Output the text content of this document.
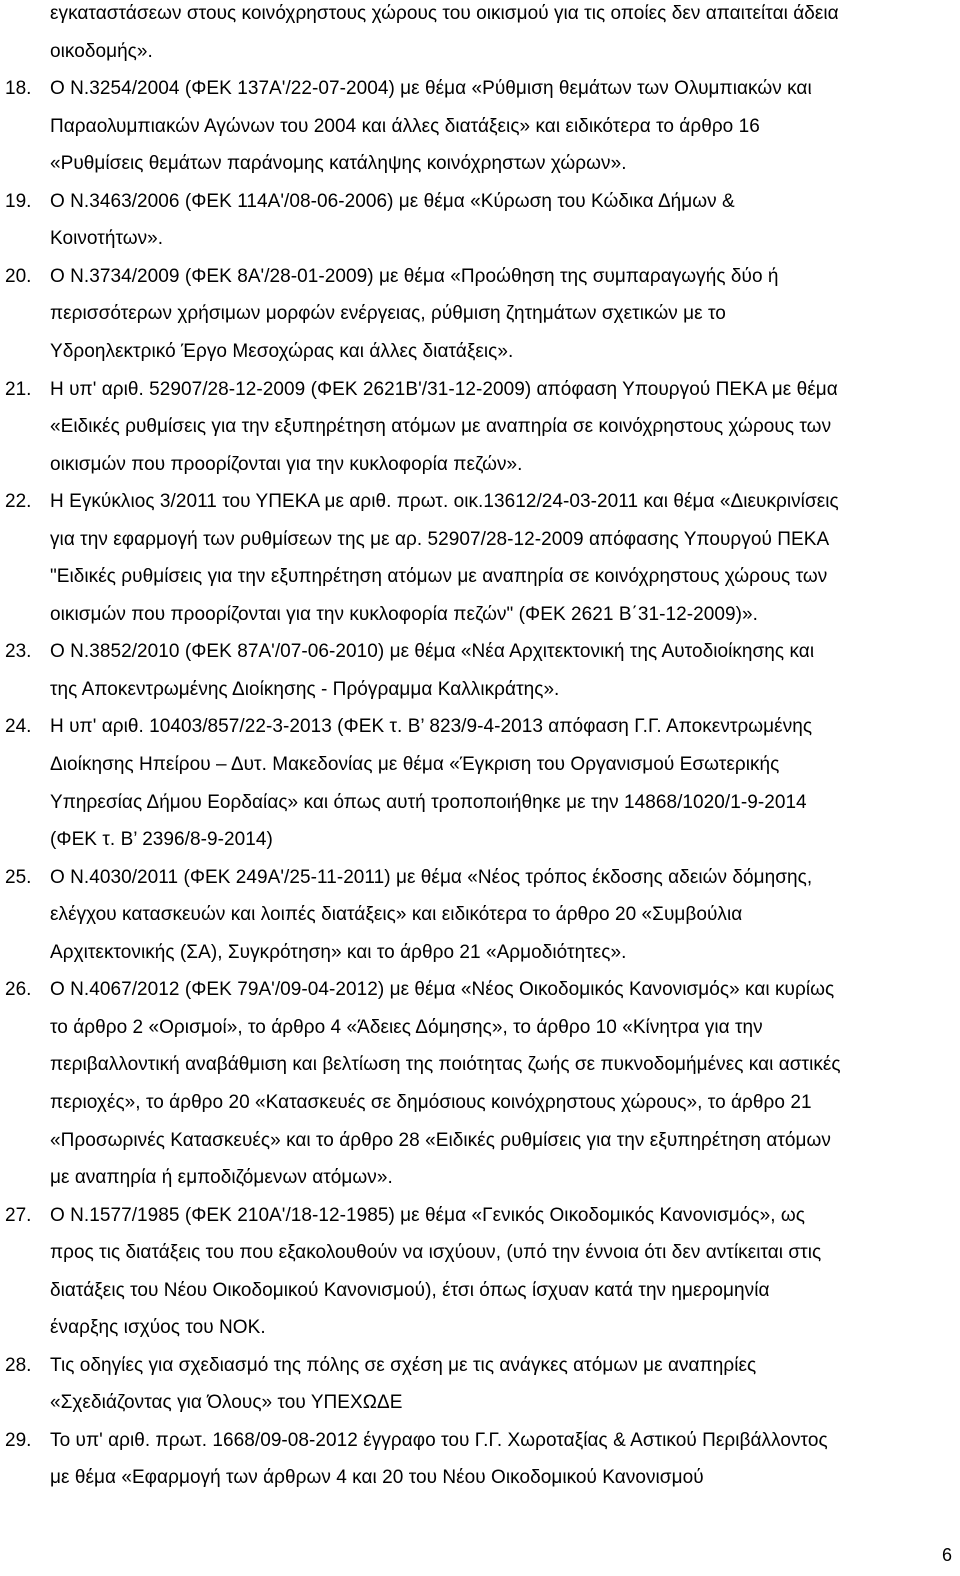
εγκαταστάσεων στους κοινόχρηστους χώρους του οικισμού για τις οποίες δεν απαιτείται άδεια
οικοδομής».
18. Ο Ν.3254/2004 (ΦΕΚ 137Α'/22-07-2004) με θέμα «Ρύθμιση θεμάτων των Ολυμπιακών και
Παραολυμπιακών Αγώνων του 2004 και άλλες διατάξεις» και ειδικότερα το άρθρο 16
«Ρυθμίσεις θεμάτων παράνομης κατάληψης κοινόχρηστων χώρων».
19. Ο Ν.3463/2006 (ΦΕΚ 114Α'/08-06-2006) με θέμα «Κύρωση του Κώδικα Δήμων &
Κοινοτήτων».
20. Ο Ν.3734/2009 (ΦΕΚ 8Α'/28-01-2009) με θέμα «Προώθηση της συμπαραγωγής δύο ή
περισσότερων χρήσιμων μορφών ενέργειας, ρύθμιση ζητημάτων σχετικών με το
Υδροηλεκτρικό Έργο Μεσοχώρας και άλλες διατάξεις».
21. Η υπ' αριθ. 52907/28-12-2009 (ΦΕΚ 2621Β'/31-12-2009) απόφαση Υπουργού ΠΕΚΑ με θέμα
«Ειδικές ρυθμίσεις για την εξυπηρέτηση ατόμων με αναπηρία σε κοινόχρηστους χώρους των
οικισμών που προορίζονται για την κυκλοφορία πεζών».
22. Η Εγκύκλιος 3/2011 του ΥΠΕΚΑ με αριθ. πρωτ. οικ.13612/24-03-2011 και θέμα «Διευκρινίσεις
για την εφαρμογή των ρυθμίσεων της με αρ. 52907/28-12-2009 απόφασης Υπουργού ΠΕΚΑ
"Ειδικές ρυθμίσεις για την εξυπηρέτηση ατόμων με αναπηρία σε κοινόχρηστους χώρους των
οικισμών που προορίζονται για την κυκλοφορία πεζών" (ΦΕΚ 2621 Β΄31-12-2009)».
23. Ο Ν.3852/2010 (ΦΕΚ 87Α'/07-06-2010) με θέμα «Νέα Αρχιτεκτονική της Αυτοδιοίκησης και
της Αποκεντρωμένης Διοίκησης - Πρόγραμμα Καλλικράτης».
24. Η υπ' αριθ. 10403/857/22-3-2013 (ΦΕΚ τ. Β’ 823/9-4-2013 απόφαση Γ.Γ. Αποκεντρωμένης
Διοίκησης Ηπείρου – Δυτ. Μακεδονίας με θέμα «Έγκριση του Οργανισμού Εσωτερικής
Υπηρεσίας Δήμου Εορδαίας» και όπως αυτή τροποποιήθηκε με την 14868/1020/1-9-2014
(ΦΕΚ τ. Β’ 2396/8-9-2014)
25. Ο Ν.4030/2011 (ΦΕΚ 249Α'/25-11-2011) με θέμα «Νέος τρόπος έκδοσης αδειών δόμησης,
ελέγχου κατασκευών και λοιπές διατάξεις» και ειδικότερα το άρθρο 20 «Συμβούλια
Αρχιτεκτονικής (ΣΑ), Συγκρότηση» και το άρθρο 21 «Αρμοδιότητες».
26. Ο Ν.4067/2012 (ΦΕΚ 79Α'/09-04-2012) με θέμα «Νέος Οικοδομικός Κανονισμός» και κυρίως
το άρθρο 2 «Ορισμοί», το άρθρο 4 «Άδειες Δόμησης», το άρθρο 10 «Κίνητρα για την
περιβαλλοντική αναβάθμιση και βελτίωση της ποιότητας ζωής σε πυκνοδομήμένες και αστικές
περιοχές», το άρθρο 20 «Κατασκευές σε δημόσιους κοινόχρηστους χώρους», το άρθρο 21
«Προσωρινές Κατασκευές» και το άρθρο 28 «Ειδικές ρυθμίσεις για την εξυπηρέτηση ατόμων
με αναπηρία ή εμποδιζόμενων ατόμων».
27. Ο Ν.1577/1985 (ΦΕΚ 210Α'/18-12-1985) με θέμα «Γενικός Οικοδομικός Κανονισμός», ως
προς τις διατάξεις του που εξακολουθούν να ισχύουν, (υπό την έννοια ότι δεν αντίκειται στις
διατάξεις του Νέου Οικοδομικού Κανονισμού), έτσι όπως ίσχυαν κατά την ημερομηνία
έναρξης ισχύος του ΝΟΚ.
28. Τις οδηγίες για σχεδιασμό της πόλης σε σχέση με τις ανάγκες ατόμων με αναπηρίες
«Σχεδιάζοντας για Όλους» του ΥΠΕΧΩΔΕ
29. Το υπ' αριθ. πρωτ. 1668/09-08-2012 έγγραφο του Γ.Γ. Χωροταξίας & Αστικού Περιβάλλοντος
με θέμα «Εφαρμογή των άρθρων 4 και 20 του Νέου Οικοδομικού Κανονισμού
6
